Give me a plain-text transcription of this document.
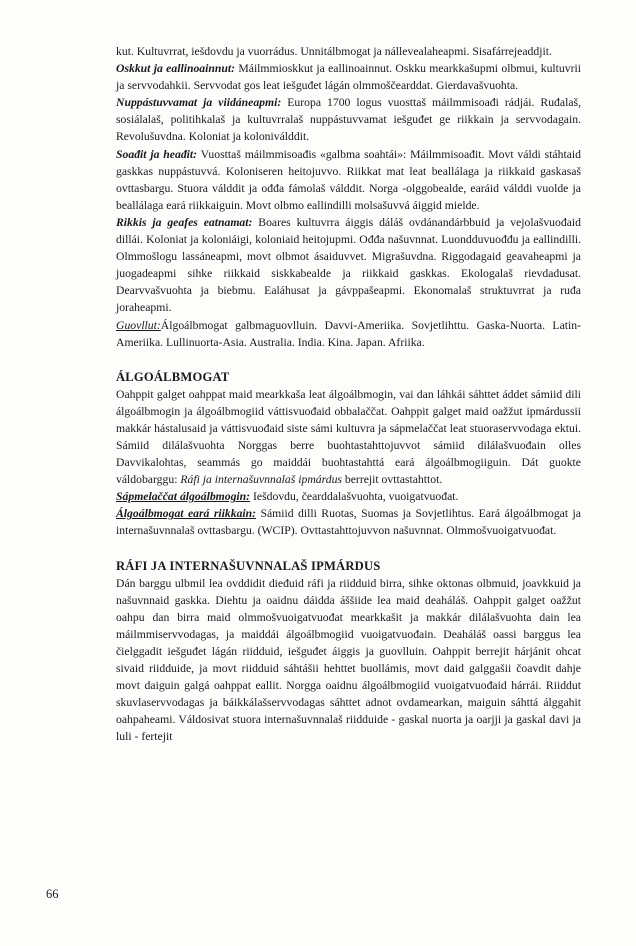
kut. Kultuvrrat, iešdovdu ja vuorrádus. Unnitálbmogat ja nállevealaheapmi. Sisafárrejeaddjit.

Oskkut ja eallinoainnut: Máilmmioskkut ja eallinoainnut. Oskku mearkkašupmi olbmui, kultuvrii ja servvodahkii. Servvodat gos leat iešguđet lágán olmmoščearddat. Gierdavašvuohta.

Nuppástuvvamat ja viidáneapmi: Europa 1700 logus vuosttaš máilmmisoađi rádjái. Ruđalaš, sosiálalaš, politihkalaš ja kultuvrralaš nuppástuvvamat iešguđet ge riikkain ja servvodagain. Revolušuvdna. Koloniat ja koloniválddit.

Soađit ja heađit: Vuosttaš máilmmisoađis «galbma soahtái»: Máilmmisoađit. Movt váldi stáhtaid gaskkas nuppástuvvá. Koloniseren heitojuvvo. Riikkat mat leat beallálaga ja riikkaid gaskasaš ovttasbargu. Stuora válddit ja ođđa fámolaš válddit. Norga -olggobealde, earáid válddi vuolde ja beallálaga eará riikkaiguin. Movt olbmo eallindilli molsašuvvá áiggid mielde.

Rikkis ja geafes eatnamat: Boares kultuvrra áiggis dáláš ovdánandárbbuid ja vejolašvuođaid dillái. Koloniat ja koloniáigi, koloniaid heitojupmi. Ođđa našuvnnat. Luondduvuođđu ja eallindilli. Olmmošlogu lassáneapmi, movt olbmot ásaiduvvet. Migrašuvdna. Riggodagaid geavaheapmi ja juogadeapmi sihke riikkaid siskkabealde ja riikkaid gaskkas. Ekologalaš rievdadusat. Dearvvašvuohta ja biebmu. Ealáhusat ja gávppašeapmi. Ekonomalaš struktuvrrat ja ruđa joraheapmi.

Guovllut:Álgoálbmogat galbmaguovlluin. Davvi-Ameriika. Sovjetlihttu. Gaska-Nuorta. Latin-Ameriika. Lullinuorta-Asia. Australia. India. Kina. Japan. Afriika.

ÁLGOÁLBMOGAT

Oahppit galget oahppat maid mearkkaša leat álgoálbmogin, vai dan láhkái sáhttet áddet sámiid dili álgoálbmogin ja álgoálbmogiid váttisvuođaid obbalaččat. Oahppit galget maid oažžut ipmárdussii makkár hástalusaid ja váttisvuođaid siste sámi kultuvra ja sápmelaččat leat stuoraservvodaga ektui. Sámiid dilálašvuohta Norggas berre buohtastahttojuvvot sámiid dilálašvuođain olles Davvikalohtas, seammás go maiddái buohtastahttá eará álgoálbmogiiguin. Dát guokte váldobarggu: Ráfi ja internašuvnnalaš ipmárdus berrejit ovttastahttot.

Sápmelaččat álgoálbmogin: Iešdovdu, čearddalašvuohta, vuoigatvuođat.

Álgoálbmogat eará riikkain: Sámiid dilli Ruotas, Suomas ja Sovjetlihtus. Eará álgoálbmogat ja internašuvnnalaš ovttasbargu. (WCIP). Ovttastahttojuvvon našuvnnat. Olmmošvuoigatvuođat.

RÁFI JA INTERNAŠUVNNALAŠ IPMÁRDUS

Dán barggu ulbmil lea ovddidit dieđuid ráfi ja riidduid birra, sihke oktonas olbmuid, joavkkuid ja našuvnnaid gaskka. Diehtu ja oaidnu dáidda áššiide lea maid deaháláš. Oahppit galget oažžut oahpu dan birra maid olmmošvuoigatvuođat mearkkašit ja makkár dilálašvuohta dain lea máilmmiservvodagas, ja maiddái álgoálbmogiid vuoigatvuođain. Deaháláš oassi barggus lea čielggadit iešguđet lágán riidduid, iešguđet áiggis ja guovlluin. Oahppit berrejit hárjánit ohcat sivaid riidduide, ja movt riidduid sáhtášii hehttet buollámis, movt daid galggašii čoavdit dahje movt daiguin galgá oahppat eallit. Norgga oaidnu álgoálbmogiid vuoigatvuođaid hárrái. Riiddut skuvlaservvodagas ja báikkálašservvodagas sáhttet adnot ovdamearkan, maiguin sáhttá álggahit oahpaheami. Váldosivat stuora internašuvnnalaš riidduide - gaskal nuorta ja oarjji ja gaskal davi ja luli - fertejit

66
